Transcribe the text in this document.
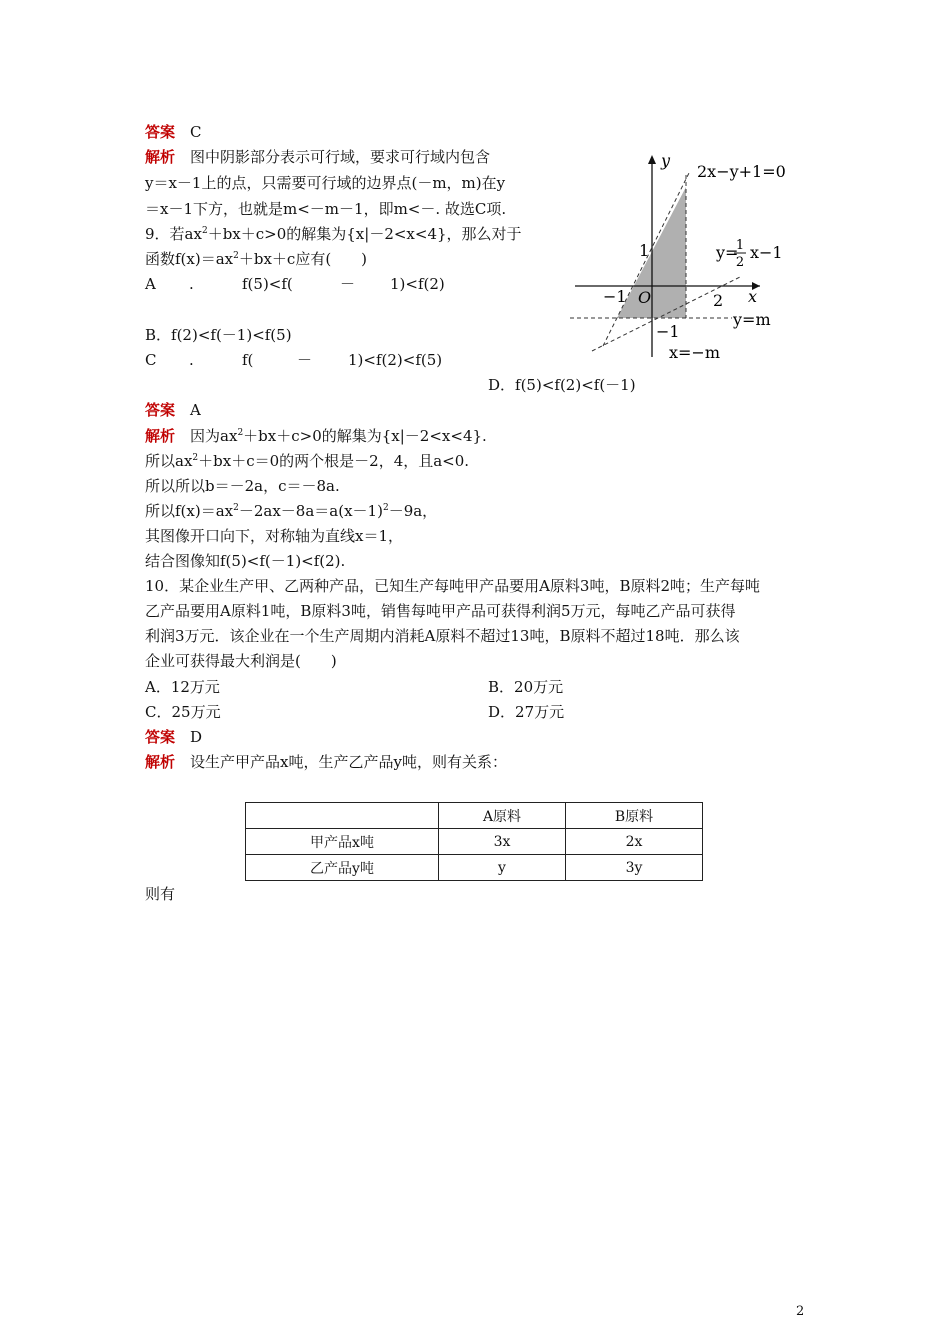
答案　 C
解析　 图中阴影部分表示可行域，要求可行域内包含
y＝x－1上的点，只需要可行域的边界点(－m，m)在y
＝x－1下方，也就是m<－m－1，即m<－. 故选C项.
9．若$ax^2+bx+c>0$的解集为{x|－2<x<4}，那么对于
函数$f(x)=ax^2+bx+c$应有(　　)
A .	f(5)<f(	－ 1)<f(2)
B．f(2)<f(－1)<f(5)
C .	f(	－ 1)<f(2)<f(5)
D．f(5)<f(2)<f(－1)
2x−y+1=0
y=
1
2
x−1
y=m
x=−m
x
y
O
−1	2
1
−1
答案　 A
解析　 因为$ax^2+bx+c>0$的解集为{x|－2<x<4}.
所以$ax^2+bx+c=0$的两个根是－2，4，且a<0.
所以所以b＝－2a，c＝－8a.
所以$f(x)=ax^2-2ax-8a=a(x-1)^2-9a$，
其图像开口向下，对称轴为直线x＝1，
结合图像知f(5)<f(－1)<f(2).
10．某企业生产甲、乙两种产品，已知生产每吨甲产品要用A原料3吨，B原料2吨；生产每吨
乙产品要用A原料1吨，B原料3吨，销售每吨甲产品可获得利润5万元，每吨乙产品可获得
利润3万元．该企业在一个生产周期内消耗A原料不超过13吨，B原料不超过18吨．那么该
企业可获得最大利润是(　　)
A．12万元	B．20万元
C．25万元	D．27万元
答案　 D
解析　 设生产甲产品x吨，生产乙产品y吨，则有关系：
	A原料	B原料
甲产品x吨	3x	2x
乙产品y吨	y	3y
则有
2
